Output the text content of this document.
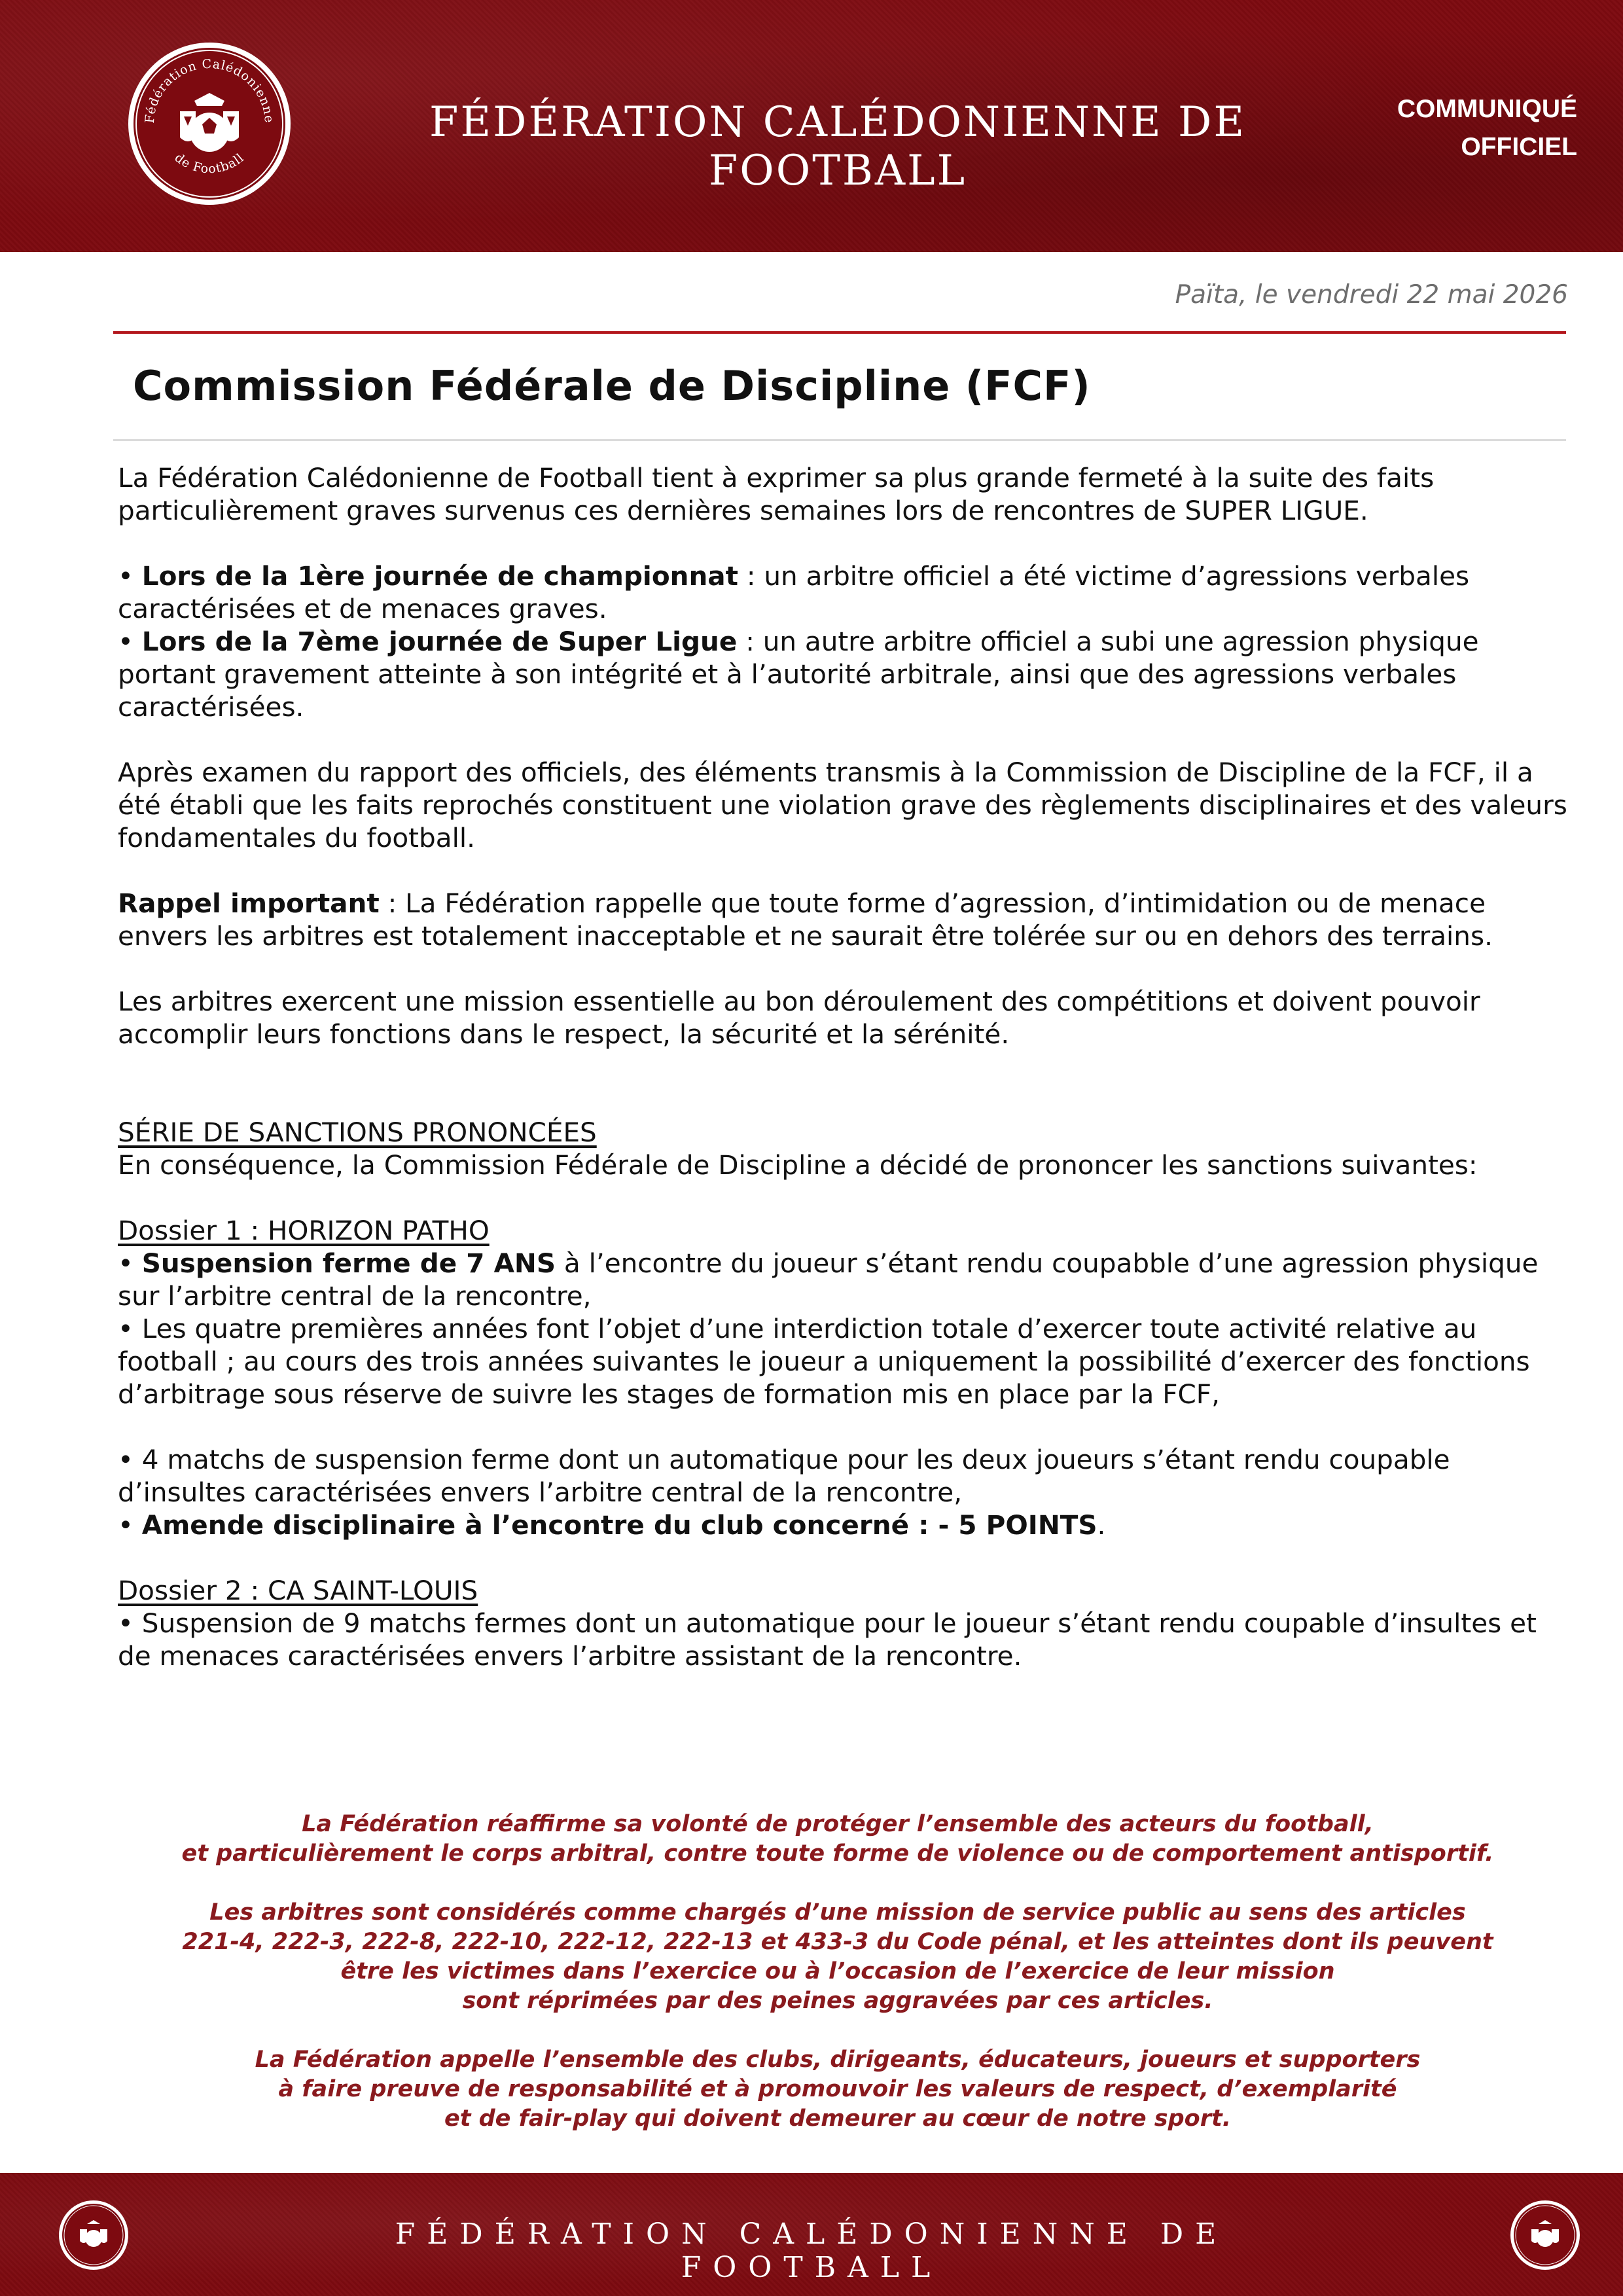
Fédération Calédonienne
de Football
FÉDÉRATION CALÉDONIENNE DE FOOTBALL
COMMUNIQUÉ
OFFICIEL
Païta, le vendredi 22 mai 2026
Commission Fédérale de Discipline (FCF)

La Fédération Calédonienne de Football tient à exprimer sa plus grande fermeté à la suite des faits particulièrement graves survenus ces dernières semaines lors de rencontres de SUPER LIGUE.

• Lors de la 1ère journée de championnat : un arbitre officiel a été victime d’agressions verbales caractérisées et de menaces graves.

• Lors de la 7ème journée de Super Ligue : un autre arbitre officiel a subi une agression physique portant gravement atteinte à son intégrité et à l’autorité arbitrale, ainsi que des agressions verbales caractérisées.

Après examen du rapport des officiels, des éléments transmis à la Commission de Discipline de la FCF, il a été établi que les faits reprochés constituent une violation grave des règlements disciplinaires et des valeurs fondamentales du football.

Rappel important : La Fédération rappelle que toute forme d’agression, d’intimidation ou de menace envers les arbitres est totalement inacceptable et ne saurait être tolérée sur ou en dehors des terrains.

Les arbitres exercent une mission essentielle au bon déroulement des compétitions et doivent pouvoir accomplir leurs fonctions dans le respect, la sécurité et la sérénité.

SÉRIE DE SANCTIONS PRONONCÉES

En conséquence, la Commission Fédérale de Discipline a décidé de prononcer les sanctions suivantes:

Dossier 1 : HORIZON PATHO

• Suspension ferme de 7 ANS à l’encontre du joueur s’étant rendu coupabble d’une agression physique sur l’arbitre central de la rencontre,

• Les quatre premières années font l’objet d’une interdiction totale d’exercer toute activité relative au football ; au cours des trois années suivantes le joueur a uniquement la possibilité d’exercer des fonctions d’arbitrage sous réserve de suivre les stages de formation mis en place par la FCF,

• 4 matchs de suspension ferme dont un automatique pour les deux joueurs s’étant rendu coupable d’insultes caractérisées envers l’arbitre central de la rencontre,

• Amende disciplinaire à l’encontre du club concerné : - 5 POINTS.

Dossier 2 : CA SAINT-LOUIS

• Suspension de 9 matchs fermes dont un automatique pour le joueur s’étant rendu coupable d’insultes et de menaces caractérisées envers l’arbitre assistant de la rencontre.

La Fédération réaffirme sa volonté de protéger l’ensemble des acteurs du football,
et particulièrement le corps arbitral, contre toute forme de violence ou de comportement antisportif.
Les arbitres sont considérés comme chargés d’une mission de service public au sens des articles
221-4, 222-3, 222-8, 222-10, 222-12, 222-13 et 433-3 du Code pénal, et les atteintes dont ils peuvent
être les victimes dans l’exercice ou à l’occasion de l’exercice de leur mission
sont réprimées par des peines aggravées par ces articles.
La Fédération appelle l’ensemble des clubs, dirigeants, éducateurs, joueurs et supporters
à faire preuve de responsabilité et à promouvoir les valeurs de respect, d’exemplarité
et de fair-play qui doivent demeurer au cœur de notre sport.
FÉDÉRATION CALÉDONIENNE DE FOOTBALL
